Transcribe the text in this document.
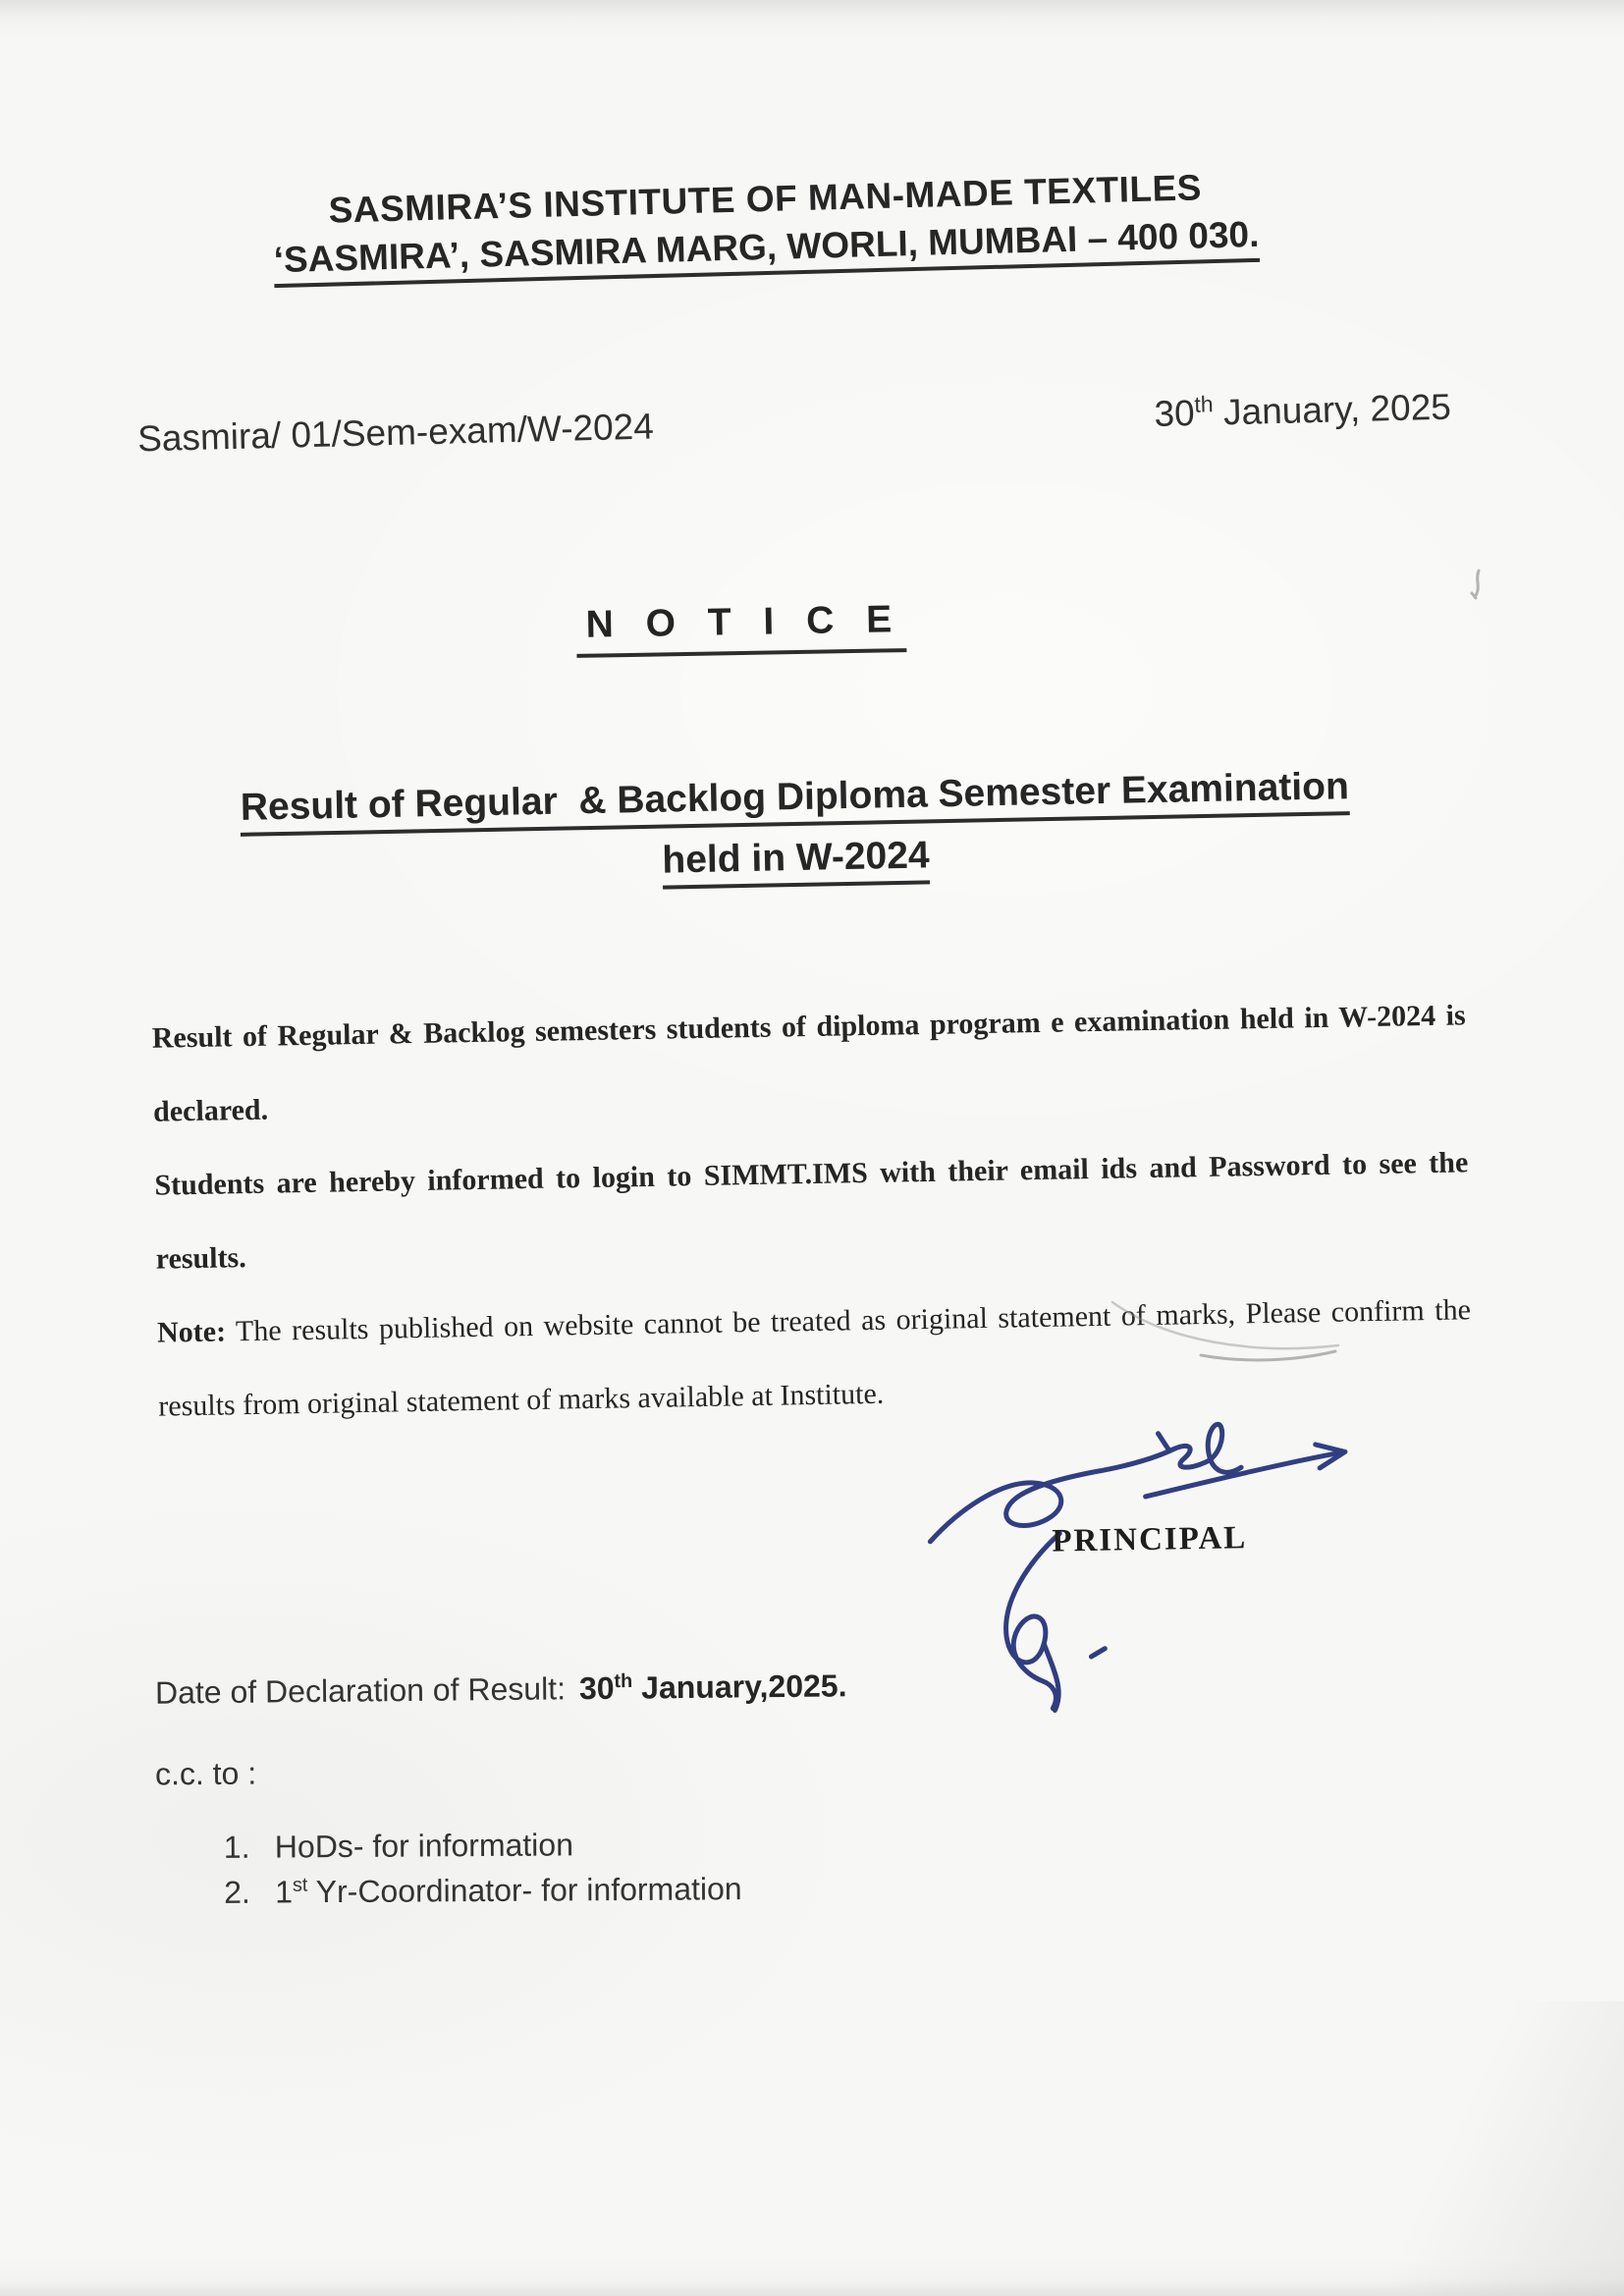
SASMIRA’S INSTITUTE OF MAN-MADE TEXTILES
‘SASMIRA’, SASMIRA MARG, WORLI, MUMBAI – 400 030.
Sasmira/ 01/Sem-exam/W-2024	30th January, 2025
N O T I C E
Result of Regular  & Backlog Diploma Semester Examination
held in W-2024

Result of Regular & Backlog semesters students of diploma program e examination held in W-2024 is declared.

Students are hereby informed to login to SIMMT.IMS with their email ids and Password to see the results.

Note: The results published on website cannot be treated as original statement of marks, Please confirm the results from original statement of marks available at Institute.

PRINCIPAL
Date of Declaration of Result: 30th January,2025.
c.c. to :
1. HoDs- for information
2. 1st Yr-Coordinator- for information
